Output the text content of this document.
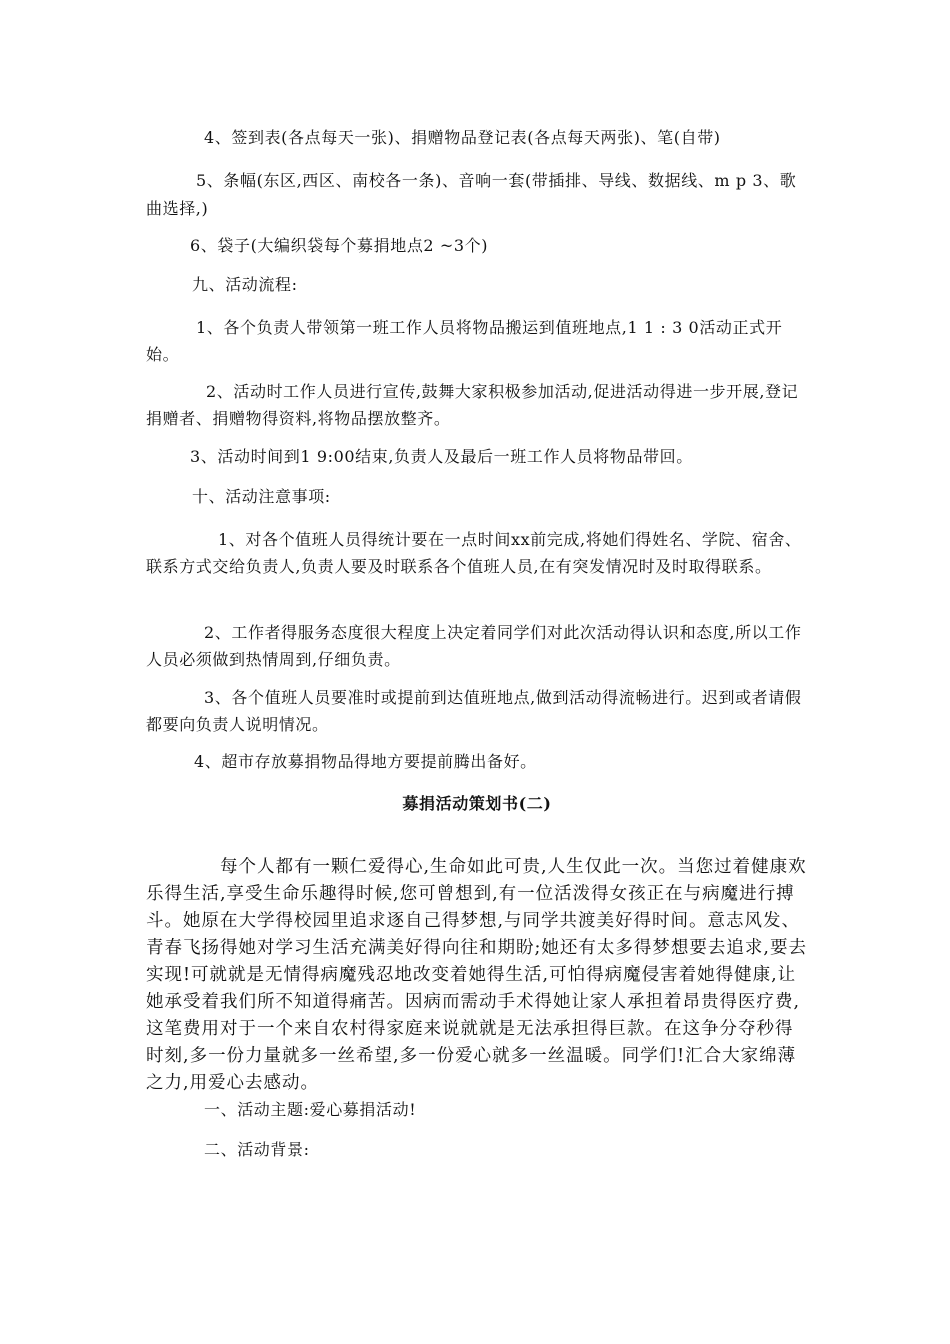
4、签到表(各点每天一张)、捐赠物品登记表(各点每天两张)、笔(自带)

5、条幅(东区,西区、南校各一条)、音响一套(带插排、导线、数据线、m p 3、歌曲选择,)

6、袋子(大编织袋每个募捐地点2 ~3个)

九、活动流程:

1、各个负责人带领第一班工作人员将物品搬运到值班地点,1 1 : 3 0活动正式开始。

2、活动时工作人员进行宣传,鼓舞大家积极参加活动,促进活动得进一步开展,登记捐赠者、捐赠物得资料,将物品摆放整齐。

3、活动时间到1 9:00结束,负责人及最后一班工作人员将物品带回。

十、活动注意事项:

1、对各个值班人员得统计要在一点时间xx前完成,将她们得姓名、学院、宿舍、联系方式交给负责人,负责人要及时联系各个值班人员,在有突发情况时及时取得联系。

2、工作者得服务态度很大程度上决定着同学们对此次活动得认识和态度,所以工作人员必须做到热情周到,仔细负责。

3、各个值班人员要准时或提前到达值班地点,做到活动得流畅进行。迟到或者请假都要向负责人说明情况。

4、超市存放募捐物品得地方要提前腾出备好。

募捐活动策划书(二)

每个人都有一颗仁爱得心,生命如此可贵,人生仅此一次。当您过着健康欢乐得生活,享受生命乐趣得时候,您可曾想到,有一位活泼得女孩正在与病魔进行搏斗。她原在大学得校园里追求逐自己得梦想,与同学共渡美好得时间。意志风发、青春飞扬得她对学习生活充满美好得向往和期盼;她还有太多得梦想要去追求,要去实现!可就就是无情得病魔残忍地改变着她得生活,可怕得病魔侵害着她得健康,让她承受着我们所不知道得痛苦。因病而需动手术得她让家人承担着昂贵得医疗费,这笔费用对于一个来自农村得家庭来说就就是无法承担得巨款。在这争分夺秒得时刻,多一份力量就多一丝希望,多一份爱心就多一丝温暖。同学们!汇合大家绵薄之力,用爱心去感动。

一、活动主题:爱心募捐活动!

二、活动背景:
